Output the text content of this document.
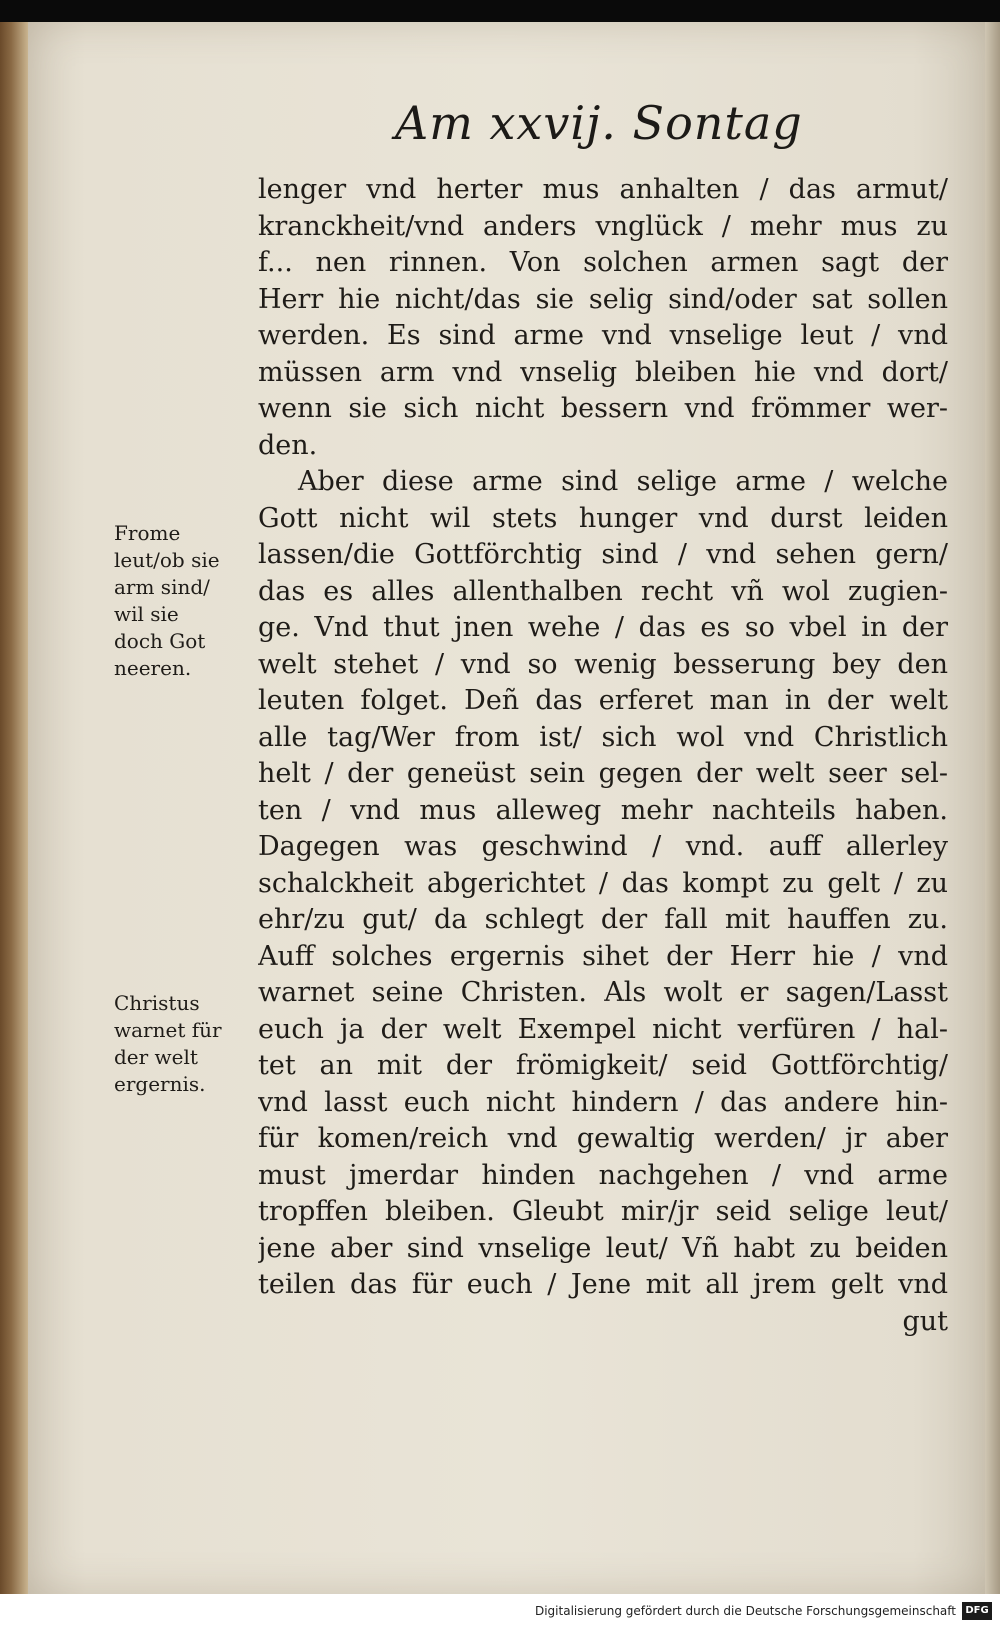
Am xxvij. Sontag
lenger vnd herter mus anhalten / das armut/
kranckheit/vnd anders vnglück / mehr mus zu
f... nen rinnen. Von solchen armen sagt der
Herr hie nicht/das sie selig sind/oder sat sollen
werden. Es sind arme vnd vnselige leut / vnd
müssen arm vnd vnselig bleiben hie vnd dort/
wenn sie sich nicht bessern vnd frömmer wer-
den.
Aber diese arme sind selige arme / welche
Gott nicht wil stets hunger vnd durst leiden
lassen/die Gottförchtig sind / vnd sehen gern/
das es alles allenthalben recht vñ wol zugien-
ge. Vnd thut jnen wehe / das es so vbel in der
welt stehet / vnd so wenig besserung bey den
leuten folget. Deñ das erferet man in der welt
alle tag/Wer from ist/ sich wol vnd Christlich
helt / der geneüst sein gegen der welt seer sel-
ten / vnd mus alleweg mehr nachteils haben.
Dagegen was geschwind / vnd. auff allerley
schalckheit abgerichtet / das kompt zu gelt / zu
ehr/zu gut/ da schlegt der fall mit hauffen zu.
Auff solches ergernis sihet der Herr hie / vnd
warnet seine Christen. Als wolt er sagen/Lasst
euch ja der welt Exempel nicht verfüren / hal-
tet an mit der frömigkeit/ seid Gottförchtig/
vnd lasst euch nicht hindern / das andere hin-
für komen/reich vnd gewaltig werden/ jr aber
must jmerdar hinden nachgehen / vnd arme
tropffen bleiben. Gleubt mir/jr seid selige leut/
jene aber sind vnselige leut/ Vñ habt zu beiden
teilen das für euch / Jene mit all jrem gelt vnd
gut
Frome
leut/ob sie
arm sind/
wil sie
doch Got
neeren.
Christus
warnet für
der welt
ergernis.
Digitalisierung gefördert durch die Deutsche Forschungsgemeinschaft DFG
